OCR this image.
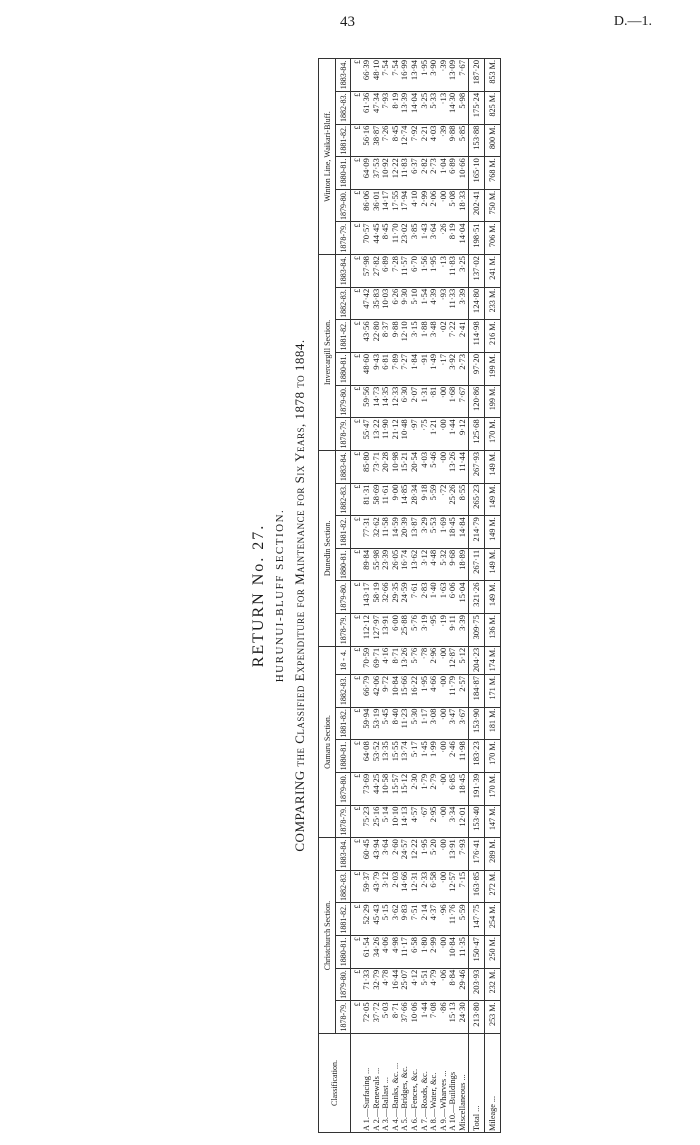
43	D.—1.
RETURN No. 27. HURUNUI-BLUFF SECTION. COMPARING the Classified Expenditure for Maintenance for Six Years, 1878 to 1884.
Classification.	Christchurch Section.						Oamaru Section.						Dunedin Section.						Invercargill Section.						Winton Line, Waikari-Bluff.					
	1878-79.	1879-80.	1880-81.	1881-82.	1882-83.	1883-84.	1878-79.	1879-80.	1880-81.	1881-82.	1882-83.	18 - 4.	1878-79.	1879-80.	1880-81.	1881-82.	1882-83.	1883-84.	1878-79.	1879-80.	1880-81.	1881-82.	1882-83.	1883-84.	1878-79.	1879-80.	1880-81.	1881-82.	1882-83.	1883-84.
	£	£	£	£	£	£	£	£	£	£	£	£	£	£	£	£	£	£	£	£	£	£	£	£	£	£	£	£	£	£
A 1.—Surfacing ...	72·05	71·33	61·54	52·29	59·37	60·45	75·23	73·69	64·08	59·94	66·79	70·59	112·12	143·17	89·84	77·31	81·31	85·80	55·47	59·56	48·60	43·56	47·42	57·98	70·57	86·06	64·09	56·16	61·36	66·39
A 2.—Renewals ...	37·72	32·79	34·26	45·43	43·79	43·94	25·16	44·25	53·52	53·19	42·06	69·71	127·97	58·19	55·98	32·62	58·69	73·71	13·22	14·73	9·43	22·80	35·83	27·82	44·45	36·01	37·53	38·87	47·34	48·10
A 3.—Ballast ...	5·03	4·78	4·06	5·15	3·12	3·64	5·14	10·58	13·35	5·45	9·72	4·16	13·91	32·66	23·39	11·58	11·61	20·28	11·90	14·35	6·81	8·37	10·03	6·89	8·45	14·17	10·92	7·26	7·93	7·54
A 4.—Banks, &c. ...	8·71	16·44	4·98	3·62	2·03	2·60	10·10	15·57	15·55	8·40	10·84	8·71	6·00	29·35	26·05	14·59	9·00	10·98	21·12	12·33	7·89	9·88	6·26	7·28	11·70	17·55	12·22	8·45	8·19	7·54
A 5.—Bridges, &c.	37·66	25·07	11·17	9·83	14·66	24·57	14·13	15·12	13·74	11·23	15·66	13·26	25·88	24·59	16·74	20·39	14·85	15·21	10·48	6·30	7·27	12·10	9·30	11·57	23·02	17·94	11·83	12·74	13·39	16·99
A 6.—Fences, &c.	10·06	4·12	6·58	7·51	12·31	12·22	4·57	2·30	5·17	5·30	16·22	5·76	5·76	7·61	13·62	13·87	28·34	20·54	·97	2·07	1·84	3·15	5·10	6·70	3·85	4·10	6·37	7·92	14·04	13·94
A 7.—Roads, &c.	1·44	5·51	1·80	2·14	2·33	1·95	·67	1·79	1·45	1·17	1·95	·78	3·19	2·83	3·12	3·29	9·18	4·03	·75	1·31	·91	1·88	1·54	1·56	1·43	2·99	2·82	2·21	3·25	1·95
A 8.—Water, &c.	7·08	4·79	2·99	4·37	6·58	5·20	2·95	2·79	1·99	3·08	4·66	2·96	·95	1·40	4·48	5·53	5·59	5·46	1·21	·81	1·49	3·48	4·39	1·95	3·64	2·06	2·73	4·03	5·33	3·90
A 9.—Wharves ...	·86	·06	·00	·96	·00	·00	·00	·00	·00	·00	·00	·00	·19	1·63	5·32	1·69	·72	·00	·00	·00	·17	·02	·93	·13	·26	·00	1·04	·39	·13	·39
A 10.—Buildings	15·13	8·84	10·84	11·76	12·57	13·91	3·34	6·85	2·46	3·47	11·79	12·87	9·11	6·06	9·68	18·45	25·26	13·26	1·44	1·68	3·92	7·22	11·33	11·83	8·19	5·08	6·89	9·88	14·30	13·09
Miscellaneous ...	24·30	29·46	11·35	5·59	7·15	7·93	12·01	18·45	11·98	3·67	2·57	5·12	3·39	15·04	18·89	14·84	8·55	11·44	9·12	7·67	2·73	2·41	3·39	3·25	14·04	18·33	10·66	5·85	5·98	7·67
Total ...	213·80	203·93	150·47	147·75	163·85	176·41	153·40	191·39	183·23	153·90	184·87	204·23	309·75	321·26	267·11	214·79	265·23	267·93	125·68	120·86	97·20	114·98	124·80	137·02	198·51	202·41	165·10	153·88	175·24	187·20
Mileage ...	253 M.	232 M.	250 M.	254 M.	272 M.	289 M.	147 M.	170 M.	170 M.	181 M.	171 M.	174 M.	136 M.	149 M.	149 M.	149 M.	149 M.	149 M.	170 M.	199 M.	199 M.	216 M.	233 M.	241 M.	706 M.	750 M.	768 M.	800 M.	825 M.	853 M.
